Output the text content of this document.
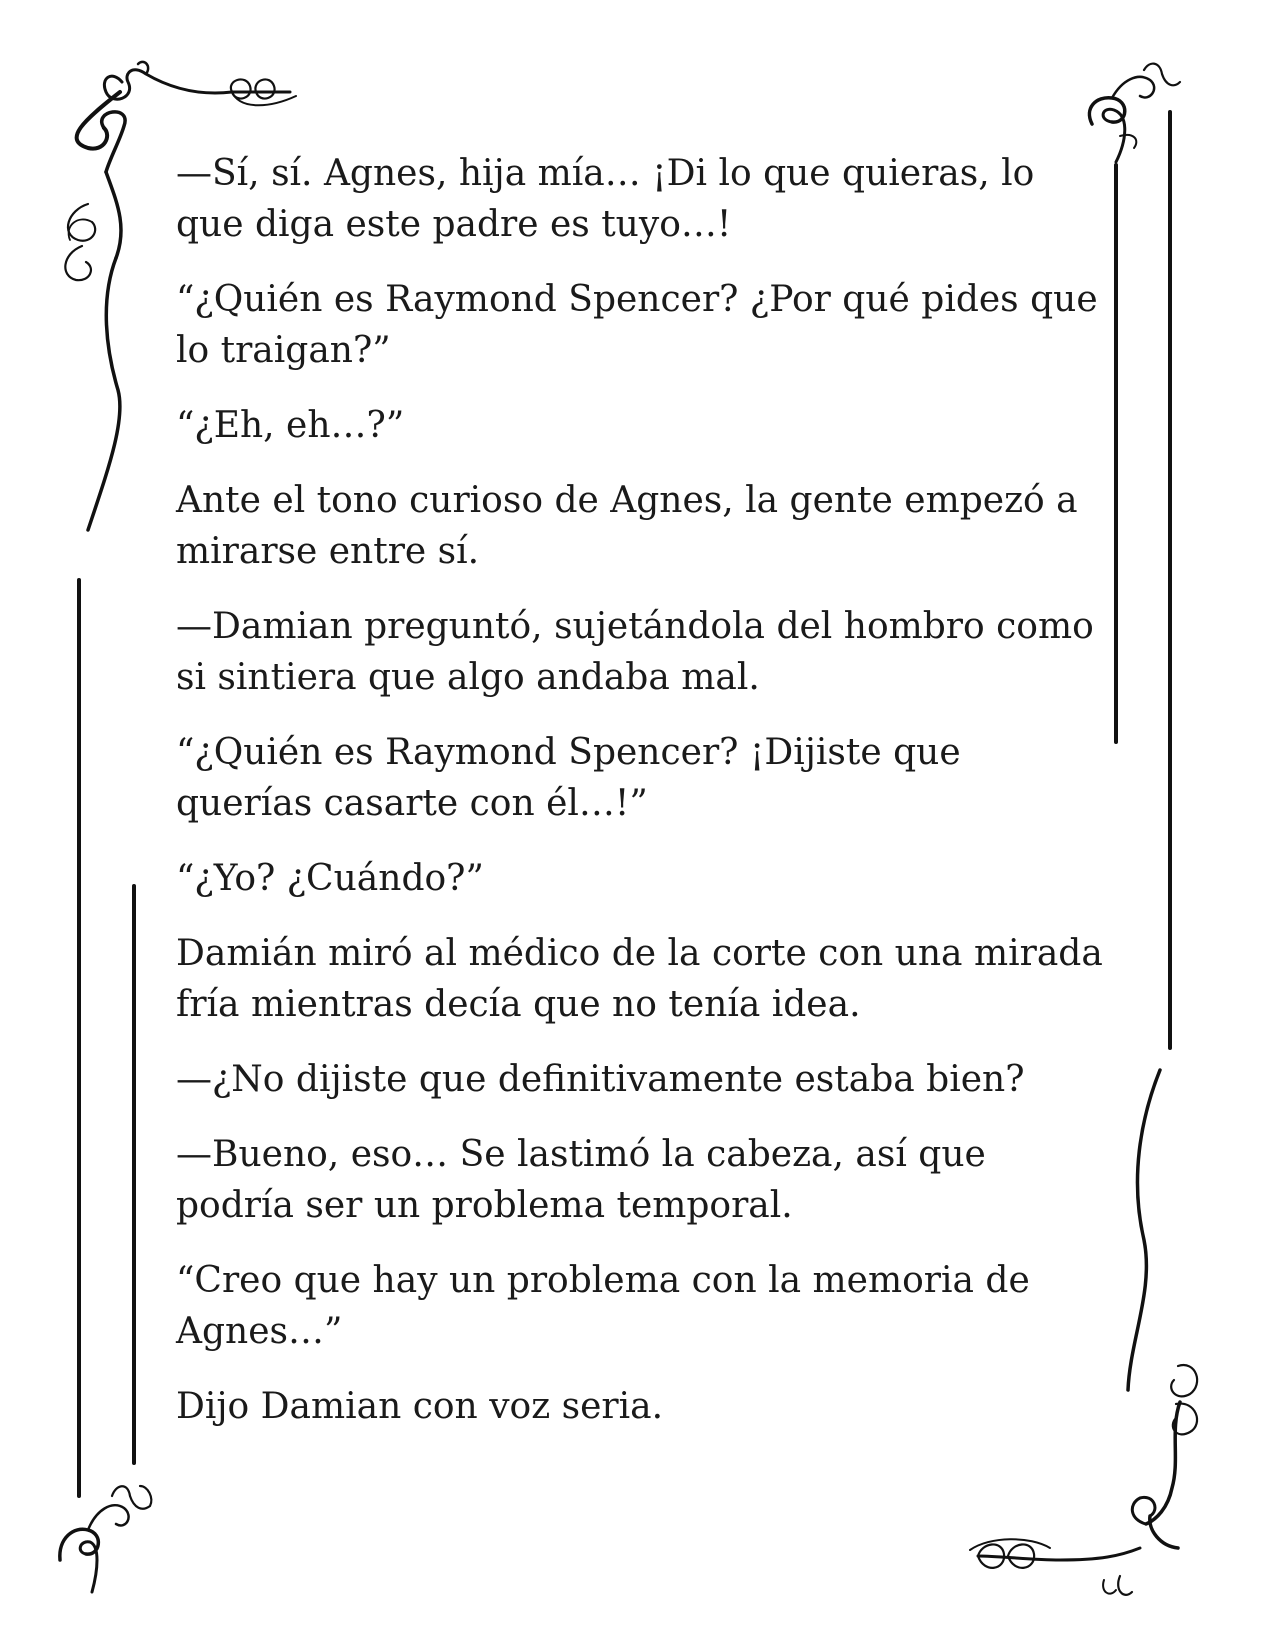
—Sí, sí. Agnes, hija mía… ¡Di lo que quieras, lo que diga este padre es tuyo…!

“¿Quién es Raymond Spencer? ¿Por qué pides que lo traigan?”

“¿Eh, eh…?”

Ante el tono curioso de Agnes, la gente empezó a mirarse entre sí.

—Damian preguntó, sujetándola del hombro como si sintiera que algo andaba mal.

“¿Quién es Raymond Spencer? ¡Dijiste que querías casarte con él…!”

“¿Yo? ¿Cuándo?”

Damián miró al médico de la corte con una mirada fría mientras decía que no tenía idea.

—¿No dijiste que definitivamente estaba bien?

—Bueno, eso… Se lastimó la cabeza, así que podría ser un problema temporal.

“Creo que hay un problema con la memoria de Agnes…”

Dijo Damian con voz seria.
